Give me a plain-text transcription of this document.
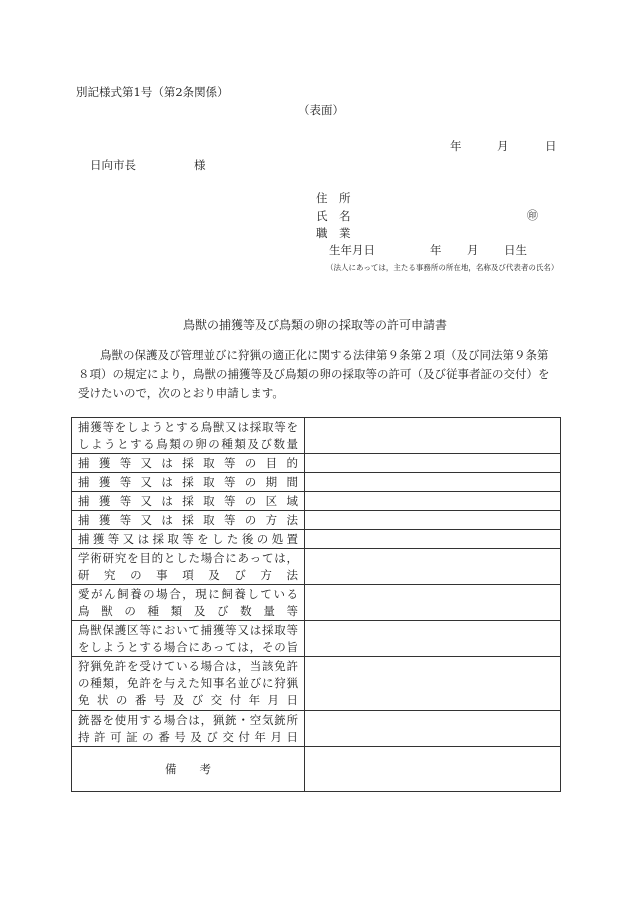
別記様式第1号（第2条関係）
（表面）
年	月	日
日向市長	様
住　所
氏　名	㊞
職　業
生年月日	年 月 日生
（法人にあっては，主たる事務所の所在地，名称及び代表者の氏名）
鳥獣の捕獲等及び鳥類の卵の採取等の許可申請書
鳥獣の保護及び管理並びに狩猟の適正化に関する法律第９条第２項（及び同法第９条第８項）の規定により，鳥獣の捕獲等及び鳥類の卵の採取等の許可（及び従事者証の交付）を受けたいので，次のとおり申請します。
捕獲等をしようとする鳥獣又は採取等を
しようとする鳥類の卵の種類及び数量	

捕獲等又は採取等の目的	

捕獲等又は採取等の期間	

捕獲等又は採取等の区域	

捕獲等又は採取等の方法	

捕獲等又は採取等をした後の処置	

学術研究を目的とした場合にあっては，
研究の事項及び方法	

愛がん飼養の場合，現に飼養している
鳥獣の種類及び数量等	

鳥獣保護区等において捕獲等又は採取等
をしようとする場合にあっては，その旨	

狩猟免許を受けている場合は，当該免許
の種類，免許を与えた知事名並びに狩猟
免状の番号及び交付年月日	

銃器を使用する場合は，猟銃・空気銃所
持許可証の番号及び交付年月日	

備　　考	
